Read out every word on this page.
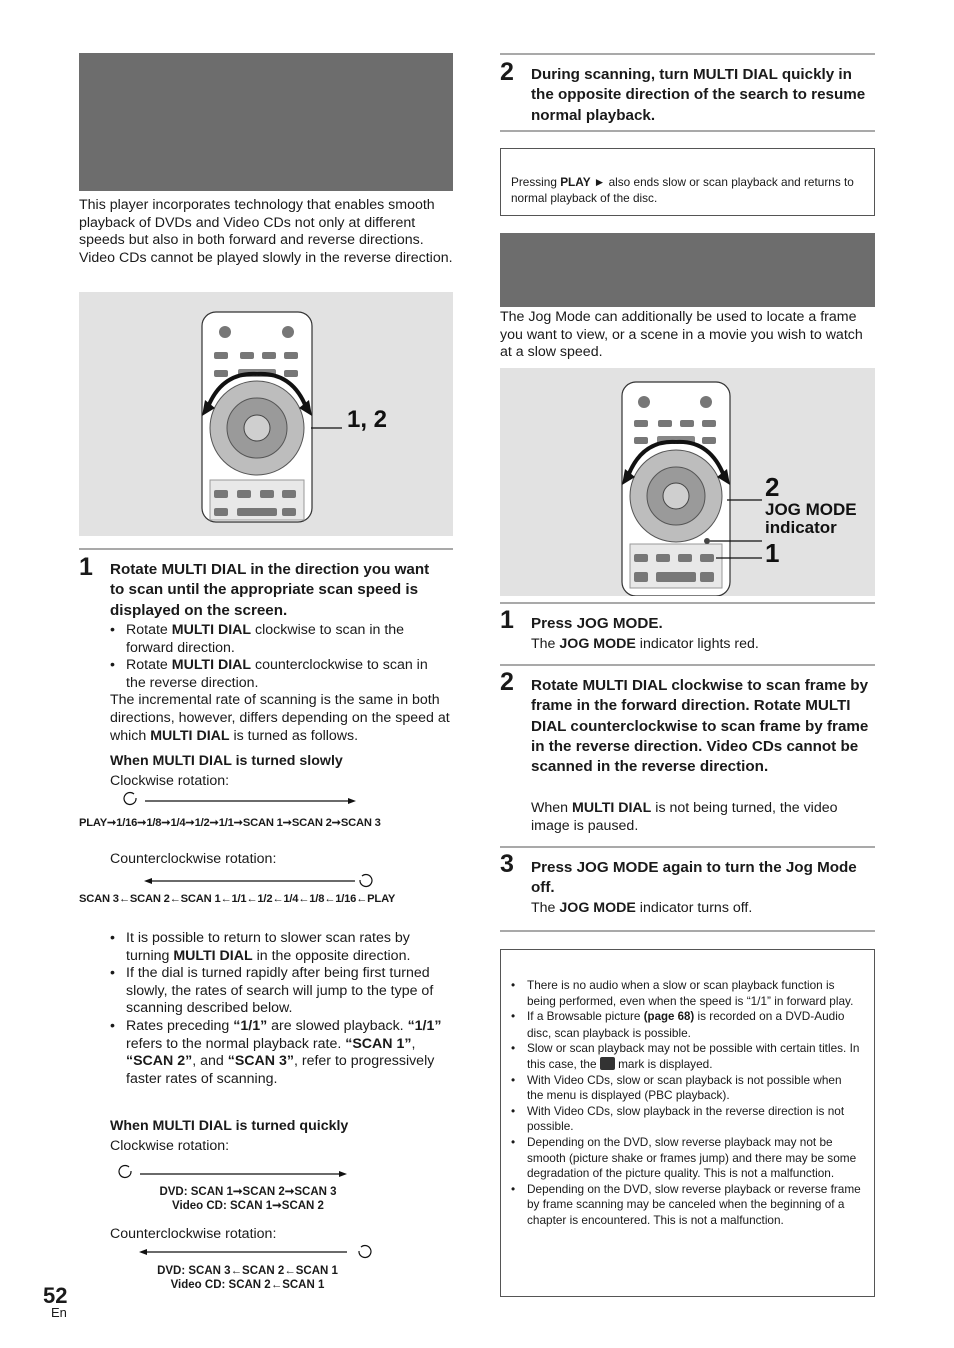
This player incorporates technology that enables smooth playback of DVDs and Video CDs not only at different speeds but also in both forward and reverse directions. Video CDs cannot be played slowly in the reverse direction.
1, 2
1 Rotate MULTI DIAL in the direction you want to scan until the appropriate scan speed is displayed on the screen.
• Rotate MULTI DIAL clockwise to scan in the forward direction.
• Rotate MULTI DIAL counterclockwise to scan in the reverse direction.
The incremental rate of scanning is the same in both directions, however, differs depending on the speed at which MULTI DIAL is turned as follows.
When MULTI DIAL is turned slowly
Clockwise rotation:
PLAY➞1/16➞1/8➞1/4➞1/2➞1/1➞SCAN 1➞SCAN 2➞SCAN 3
Counterclockwise rotation:
SCAN 3←SCAN 2←SCAN 1←1/1←1/2←1/4←1/8←1/16←PLAY
• It is possible to return to slower scan rates by turning MULTI DIAL in the opposite direction.
• If the dial is turned rapidly after being first turned slowly, the rates of search will jump to the type of scanning described below.
• Rates preceding “1/1” are slowed playback. “1/1” refers to the normal playback rate. “SCAN 1”, “SCAN 2”, and “SCAN 3”, refer to progressively faster rates of scanning.
When MULTI DIAL is turned quickly
Clockwise rotation:
DVD: SCAN 1➞SCAN 2➞SCAN 3
Video CD: SCAN 1➞SCAN 2
Counterclockwise rotation:
DVD: SCAN 3←SCAN 2←SCAN 1
Video CD: SCAN 2←SCAN 1
52
En
2 During scanning, turn MULTI DIAL quickly in the opposite direction of the search to resume normal playback.
Pressing PLAY ► also ends slow or scan playback and returns to normal playback of the disc.
The Jog Mode can additionally be used to locate a frame you want to view, or a scene in a movie you wish to watch at a slow speed.
2
JOG MODE
indicator
1
1 Press JOG MODE.
The JOG MODE indicator lights red.
2 Rotate MULTI DIAL clockwise to scan frame by frame in the forward direction. Rotate MULTI DIAL counterclockwise to scan frame by frame in the reverse direction. Video CDs cannot be scanned in the reverse direction.
When MULTI DIAL is not being turned, the video image is paused.
3 Press JOG MODE again to turn the Jog Mode off.
The JOG MODE indicator turns off.
• There is no audio when a slow or scan playback function is being performed, even when the speed is “1/1” in forward play.
• If a Browsable picture (page 68) is recorded on a DVD-Audio disc, scan playback is possible.
• Slow or scan playback may not be possible with certain titles. In this case, the  mark is displayed.
• With Video CDs, slow or scan playback is not possible when the menu is displayed (PBC playback).
• With Video CDs, slow playback in the reverse direction is not possible.
• Depending on the DVD, slow reverse playback may not be smooth (picture shake or frames jump) and there may be some degradation of the picture quality. This is not a malfunction.
• Depending on the DVD, slow reverse playback or reverse frame by frame scanning may be canceled when the beginning of a chapter is encountered. This is not a malfunction.
